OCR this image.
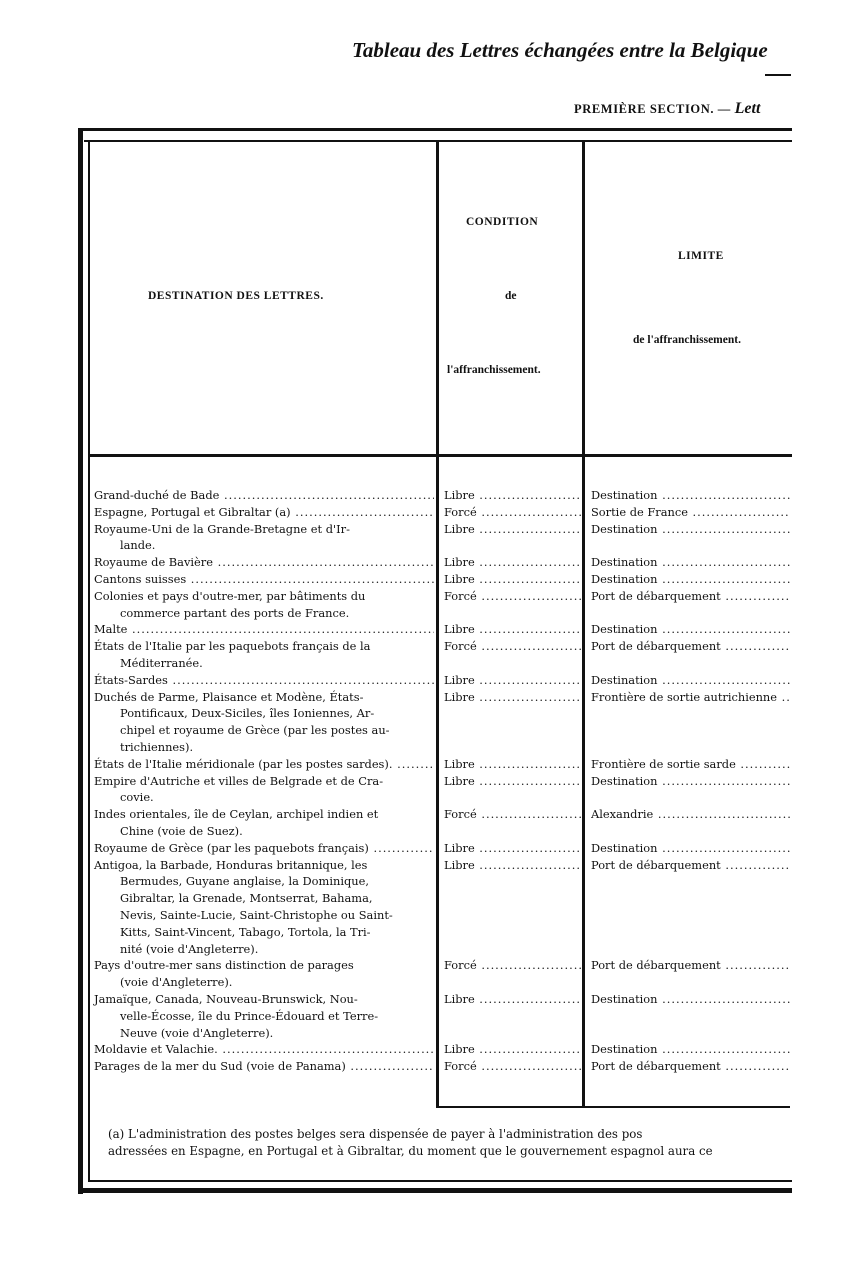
Tableau des Lettres échangées entre la Belgique
PREMIÈRE SECTION. — Lett
DESTINATION DES LETTRES.
CONDITION
de
l'affranchissement.
LIMITE
de l'affranchissement.
Grand-duché de Bade .....	Libre .....	Destination .....
Espagne, Portugal et Gibraltar (a) .....	Forcé .....	Sortie de France .....
Royaume-Uni de la Grande-Bretagne et d'Ir-
lande.
Libre .....	Destination .....
Royaume de Bavière .....	Libre .....	Destination .....
Cantons suisses .....	Libre .....	Destination .....
Colonies et pays d'outre-mer, par bâtiments du
commerce partant des ports de France.
Forcé .....	Port de débarquement .....
Malte .....	Libre .....	Destination .....
États de l'Italie par les paquebots français de la
Méditerranée.
Forcé .....	Port de débarquement .....
États-Sardes .....	Libre .....	Destination .....
Duchés de Parme, Plaisance et Modène, États-
Pontificaux, Deux-Siciles, îles Ioniennes, Ar-
chipel et royaume de Grèce (par les postes au-
trichiennes).
Libre .....	Frontière de sortie autrichienne .....
États de l'Italie méridionale (par les postes sardes). .....	Libre .....	Frontière de sortie sarde .....
Empire d'Autriche et villes de Belgrade et de Cra-
covie.
Libre .....	Destination .....
Indes orientales, île de Ceylan, archipel indien et
Chine (voie de Suez).
Forcé .....	Alexandrie .....
Royaume de Grèce (par les paquebots français) .....	Libre .....	Destination .....
Antigoa, la Barbade, Honduras britannique, les
Bermudes, Guyane anglaise, la Dominique,
Gibraltar, la Grenade, Montserrat, Bahama,
Nevis, Sainte-Lucie, Saint-Christophe ou Saint-
Kitts, Saint-Vincent, Tabago, Tortola, la Tri-
nité (voie d'Angleterre).
Libre .....	Port de débarquement .....
Pays d'outre-mer sans distinction de parages
(voie d'Angleterre).
Forcé .....	Port de débarquement .....
Jamaïque, Canada, Nouveau-Brunswick, Nou-
velle-Écosse, île du Prince-Édouard et Terre-
Neuve (voie d'Angleterre).
Libre .....	Destination .....
Moldavie et Valachie. .....	Libre .....	Destination .....
Parages de la mer du Sud (voie de Panama) .....	Forcé .....	Port de débarquement .....
(a) L'administration des postes belges sera dispensée de payer à l'administration des pos
adressées en Espagne, en Portugal et à Gibraltar, du moment que le gouvernement espagnol aura ce
